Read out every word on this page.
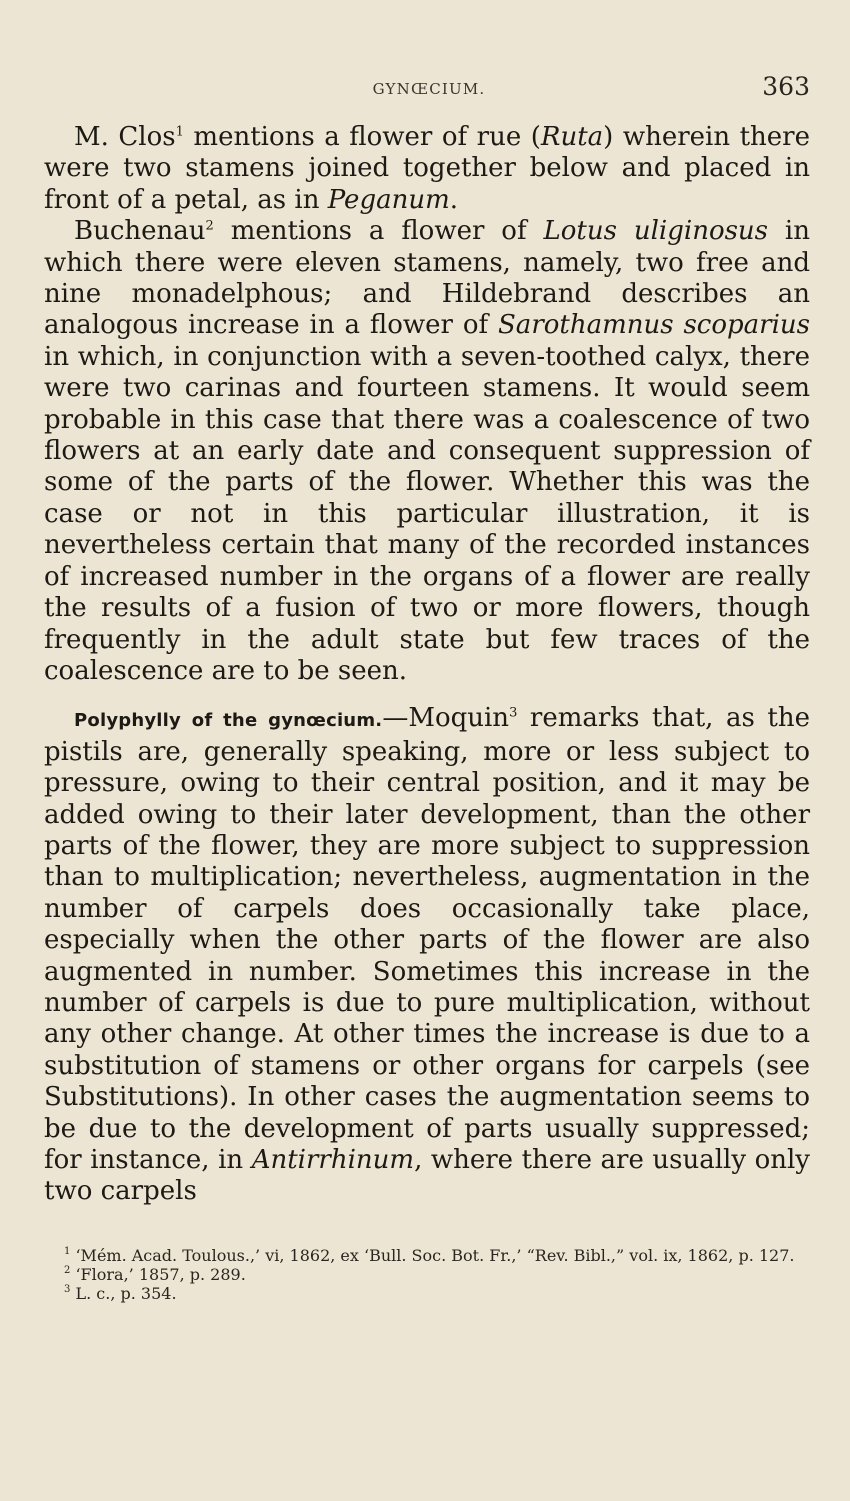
GYNŒCIUM.	363

M. Clos$^1$ mentions a flower of rue (Ruta) wherein there were two stamens joined together below and placed in front of a petal, as in Peganum.

Buchenau$^2$ mentions a flower of Lotus uliginosus in which there were eleven stamens, namely, two free and nine monadelphous; and Hildebrand describes an analogous increase in a flower of Sarothamnus scoparius in which, in conjunction with a seven-toothed calyx, there were two carinas and fourteen stamens. It would seem probable in this case that there was a coalescence of two flowers at an early date and consequent suppression of some of the parts of the flower. Whether this was the case or not in this particular illustration, it is nevertheless certain that many of the recorded instances of increased number in the organs of a flower are really the results of a fusion of two or more flowers, though frequently in the adult state but few traces of the coalescence are to be seen.

Polyphylly of the gynœcium.—Moquin$^3$ remarks that, as the pistils are, generally speaking, more or less subject to pressure, owing to their central position, and it may be added owing to their later development, than the other parts of the flower, they are more subject to suppression than to multiplication; nevertheless, augmentation in the number of carpels does occasionally take place, especially when the other parts of the flower are also augmented in number. Sometimes this increase in the number of carpels is due to pure multiplication, without any other change. At other times the increase is due to a substitution of stamens or other organs for carpels (see Substitutions). In other cases the augmentation seems to be due to the development of parts usually suppressed; for instance, in Antirrhinum, where there are usually only two carpels

$^1$ ‘Mém. Acad. Toulous.,’ vi, 1862, ex ‘Bull. Soc. Bot. Fr.,’ “Rev. Bibl.,” vol. ix, 1862, p. 127.

$^2$ ‘Flora,’ 1857, p. 289.

$^3$ L. c., p. 354.
